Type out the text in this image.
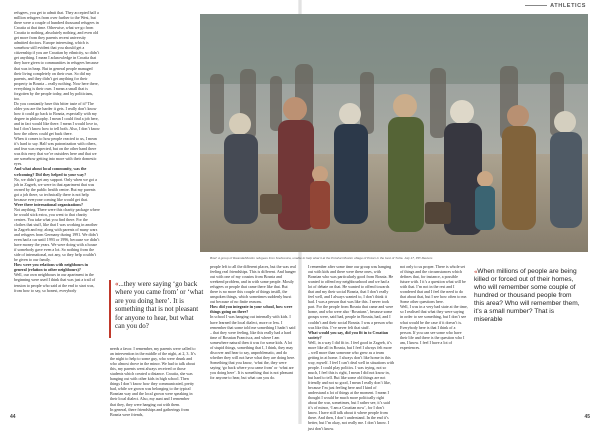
ATHLETICS

refugees, you get to admit that. They accepted half a million refugees from over further to the West, but there were a couple of hundred thousand refugees in Croatia at that time. Otherwise, what we go from Croatia to nothing, absolutely nothing, and even old get more from they parents recent university admitted doctors. Europe interesting, which is somehow still evident that you should get a citizenship if you are Croatian by ethnicity, so didn’t get anything. I mean I acknowledge in Croatia that they have given to communities in refugees because that was in heap. But in general people managed their living completely on their own. So did my parents, and they didn’t get anything for their property in Bosnia – really nothing. Now here there, everything is their own. I mean a small that is forgotten by the people today, and by politicians, too.

Do you constantly have this bitter taste of it? The older you are the harder it gets. I really don’t know how it could go back to Bosnia, especially with my degree in philosophy. I mean I could find a job here, and in fact would like there. I mean I would love to, but I don’t know how to tell both. Also, I don’t know how the others could get back there.

When it comes to how people reacted to us, I mean it’s hard to say. Half was patronization with others, and fear was respected, but on the other hand there was this envy that we’re outsiders here and that we are somehow getting into more with their domestic eyes.

And what about local community, was the welcoming? Did they helped to your way?

No, we didn’t get any support. Only when we got a job in Zagreb, we were in that apartment that was owned by the public health centre. But my parents got a job there, so technically there is not help because everyone coming like would get that.

Were there international organizations?

Not anything. There were this charity package where he would stick extra, you went to that charity centres. You take what you find there. For the clothes that stuff, like that I was working in another in Zagreb and my, along with parents of many wars and refugees from Germany during 1991. We didn’t even had a car until 1993 or 1996, because we didn’t have money the years. We were doing with a house if somebody gave even a lot. So nothing from the side of international, not any, so they help couldn’t be given to our family.

How were you relations with neighbours in general (relation to other neighbours)?

Well, our own neighbours in our apartment in the beginning were used I think that was just a trail of tension to people who said at the end to start was, from how to say, so honest, everybody

«...they were saying ‘go back where you came from’ or ‘what are you doing here’. It is something that is not pleasant for anyone to hear, but what can you do?

needs a favor. I remember, my parents were called to an intervention in the middle of the night, at 2, 3. It’s the night to help to some guy, who were drunk and who almost drove in the minor. We had to talk about this, my parents went always received or those students which created a distance. Croatia, she was hanging out with other kids in high school. Then things I don’t know how they communicated, pretty bad, while we grown was belonging to the typical Bosnian way and the local grown were speaking in their local dialect. Also, my aunt and I remember that they, they were hanging out with them.

In general, there friendships and gatherings from Bosnia were friends,

Brief: A group of Rwanda/Muslim refugees from Srebrenica, unable to help what it at the Potočari Muslim village of Potoci in the best of Tuzla. July 17, PP/ Reuters

people left to all the different places, but the was real feeling real friendships. This is different. And hanger out with one of my cousins from Bosnia and weekend problem, and in with some people. Mostly refugees or people that came there like that. But there is no more this couple of things instill, the unspoken things, which sometimes suddenly burst out because of no finite reasons.

How did you integrate in your school, how were things going on there?

In school I was hanging out internally with kids. I have learned the local dialect, more or less. I remember that some told me something I hadn’t said – that they were feeling, like this really had a hard time of Bosnian Francisca, and where I am somewhere natural then it was for some kids. A lot of stupid things, something that I, I think, they may discover and hear to say, unproblematic, and do whether they will not have what they are doing here. Something that you know, ‘what the, they were saying ‘go back where you came from’ or ‘what are you doing here’. It is something that is not pleasant for anyone to hear, but what can you do.

I remember after some time our group was hanging out with kids and there were these ones, with Bosnian who was particularly good from Bosnia. He wanted to offend my neighbourhood and we had a lot of debate on that. He wanted to offend towards that and my their social Bosnia, that I don’t really feel well, and I always wanted to, I don’t think it had. I was a person that was like this. I never took part. For the people from Bosnia that came and were home, and who were also ‘Bosnians’, because some groups were, said bad, people in Bosnia, bad, and I couldn’t and their social Bosnia. I was a person who was like this. I’ve never felt that stuff.

What would you say, did you fit in to Croatian society?

Well, in a way I did fit in. I feel good in Zagreb, it’s more like all in Bosnia, but I feel I always felt more – well more than someone who grew as a team getting in at home. I always don’t like home in this way, myself. I feel I can’t deal well in situations with people. I could play politics. I was trying, not so much, I feel this is right, I mean I did not know in, but hard to tell. But like some old things are not friendly and not so good, I mean I really don’t like, because I’m just feeling here and I kind of understand a lot of things at the moment. I mean I thought I would be much more politically right about the war, sometimes, but I rather see, it’s said it’s of minor, ‘I am a Croatian now’, for I don’t know. I have still talk about it where people from there. And then, I don’t understand. In the end it’s better, but I’m okay, not really me. I don’t know. I just don’t know.

«When millions of people are being killed or forced out of their homes, who will remember some couple of hundred or thousand people from this area? Who will remember them, it’s a small number? That is miserable

not only to us proper. There is whole set of things and the circumstances which defines that, for instance, a possible future with. I it’s a question what will be with that. I’m not in the rest and I wondered that and I feel the need to do that about that, but I see how often to me. Some other questions here.

Well, I was in a very bad state at the time, so I realised that what they were saying in order to see something, but I don’t see what would be the case if it doesn’t is. Everybody here is that I think of a person. If you can see some who have their life and there is the question who I am, I know. I feel I have a lot of experiences.

44	45
